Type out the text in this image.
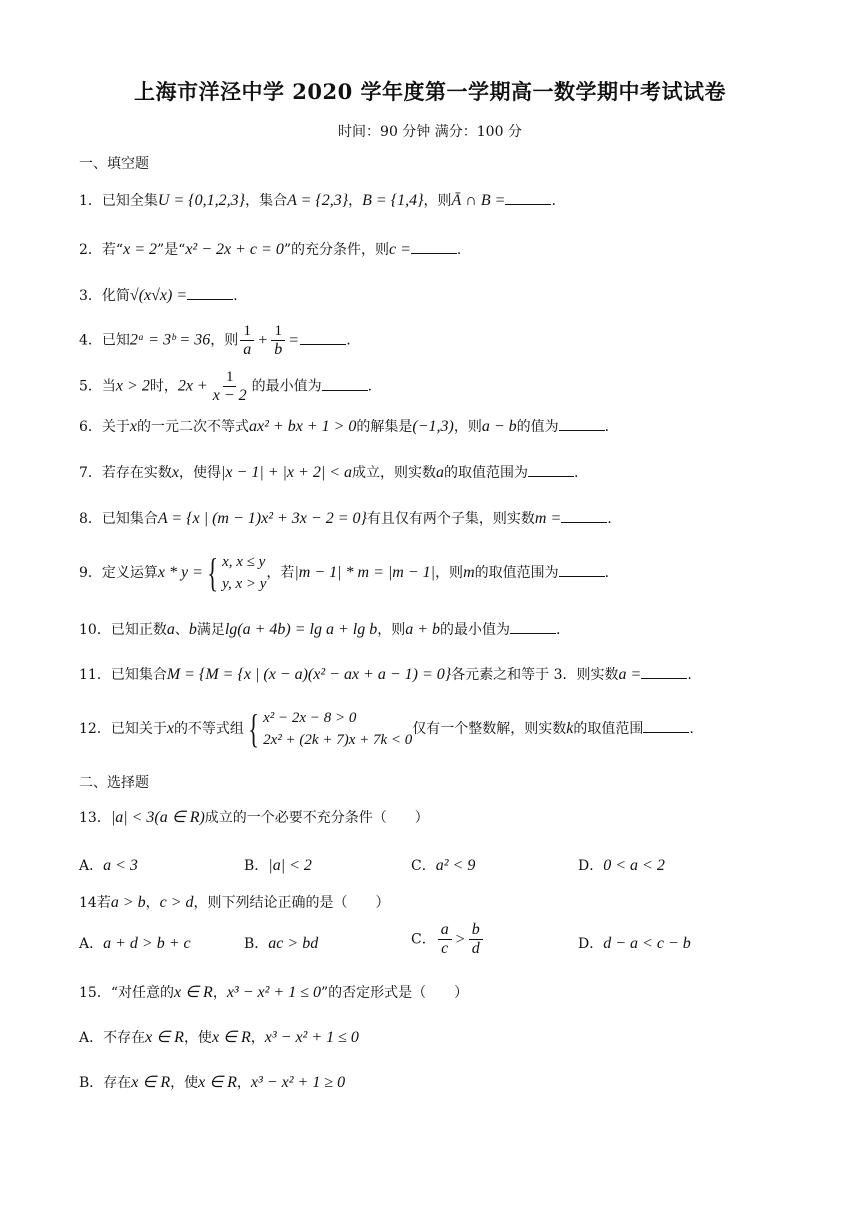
上海市洋泾中学 2020 学年度第一学期高一数学期中考试试卷
时间：90 分钟 满分：100 分
一、填空题
1．已知全集U = {0,1,2,3}，集合A = {2,3}，B = {1,4}，则Ā ∩ B =	.
2．若“x = 2”是“x² − 2x + c = 0”的充分条件，则c =	.
3．化简√(x√x) =	.
4．已知2ᵃ = 3ᵇ = 36，则 $\frac{1}{a} + \frac{1}{b}$ =	.
5．当x > 2时，$2x + \frac{1}{x - 2}$ 的最小值为	.
6．关于x的一元二次不等式ax² + bx + 1 > 0的解集是(−1,3)，则a − b的值为	.
7．若存在实数x，使得|x − 1| + |x + 2| < a成立，则实数a的取值范围为	.
8．已知集合A = {x | (m − 1)x² + 3x − 2 = 0}有且仅有两个子集，则实数m =	.
9．定义运算x * y = { x, x ≤ y
y, x > y
，若|m − 1| * m = |m − 1|，则m的取值范围为	.
10．已知正数a、b满足lg(a + 4b) = lg a + lg b，则a + b的最小值为	.
11．已知集合M = {M = {x | (x − a)(x² − ax + a − 1) = 0}各元素之和等于 3．则实数a =	.
12．已知关于x的不等式组 { x² − 2x − 8 > 0
2x² + (2k + 7)x + 7k < 0
仅有一个整数解，则实数k的取值范围	.
二、选择题
13．|a| < 3(a ∈ R)成立的一个必要不充分条件（　　）
A．a < 3	B．|a| < 2	C．a² < 9	D．0 < a < 2
14若a > b，c > d，则下列结论正确的是（　　）
A．a + d > b + c	B．ac > bd	C． $\frac{a}{c} > \frac{b}{d}$	D．d − a < c − b
15．“对任意的x ∈ R，x³ − x² + 1 ≤ 0”的否定形式是（　　）
A．不存在x ∈ R，使x ∈ R，x³ − x² + 1 ≤ 0
B．存在x ∈ R，使x ∈ R，x³ − x² + 1 ≥ 0
